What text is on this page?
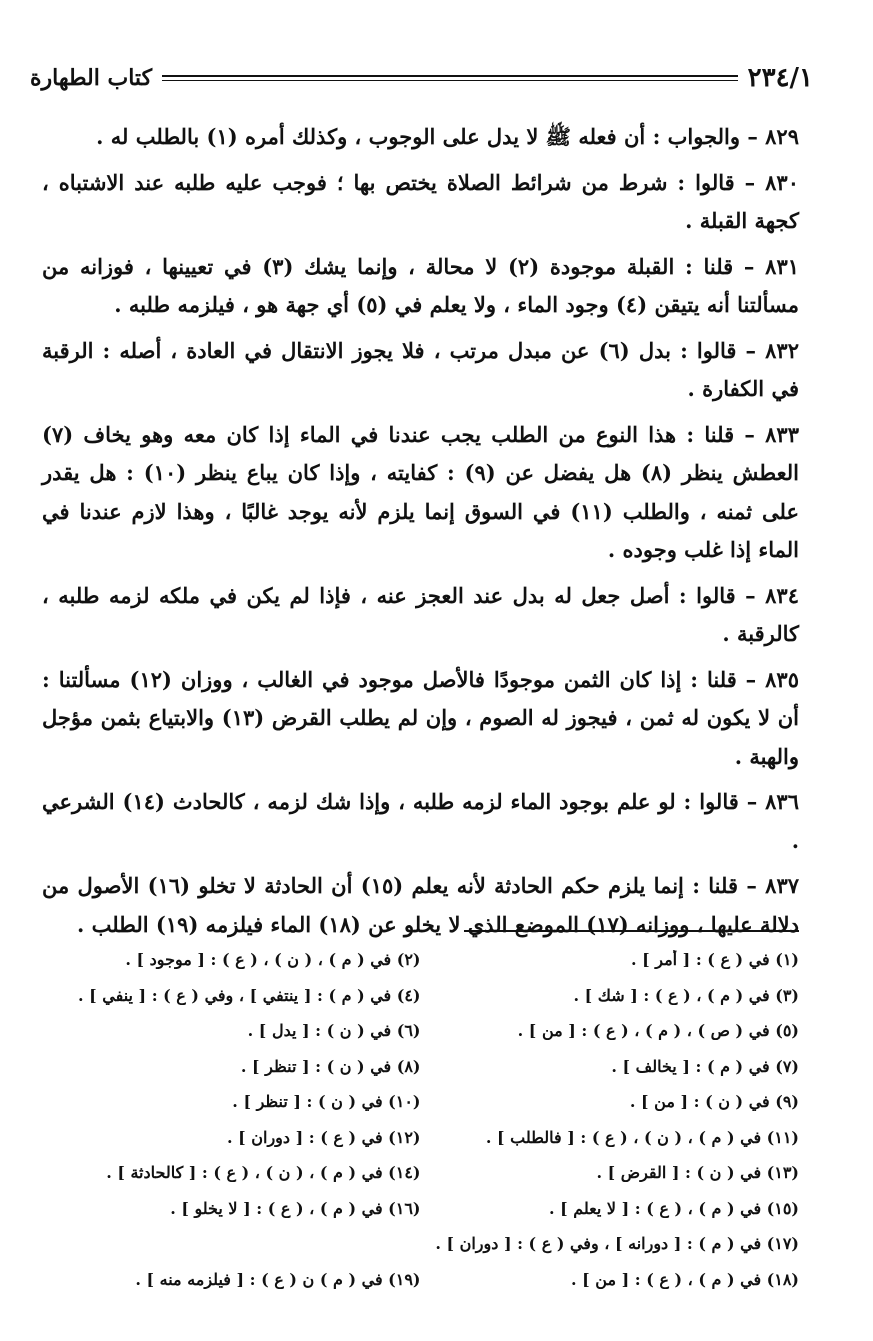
٢٣٤/١
كتاب الطهارة

٨٢٩ – والجواب : أن فعله ﷺ لا يدل على الوجوب ، وكذلك أمره (١) بالطلب له .

٨٣٠ – قالوا : شرط من شرائط الصلاة يختص بها ؛ فوجب عليه طلبه عند الاشتباه ، كجهة القبلة .

٨٣١ – قلنا : القبلة موجودة (٢) لا محالة ، وإنما يشك (٣) في تعيينها ، فوزانه من مسألتنا أنه يتيقن (٤) وجود الماء ، ولا يعلم في (٥) أي جهة هو ، فيلزمه طلبه .

٨٣٢ – قالوا : بدل (٦) عن مبدل مرتب ، فلا يجوز الانتقال في العادة ، أصله : الرقبة في الكفارة .

٨٣٣ – قلنا : هذا النوع من الطلب يجب عندنا في الماء إذا كان معه وهو يخاف (٧) العطش ينظر (٨) هل يفضل عن (٩) : كفايته ، وإذا كان يباع ينظر (١٠) : هل يقدر على ثمنه ، والطلب (١١) في السوق إنما يلزم لأنه يوجد غالبًا ، وهذا لازم عندنا في الماء إذا غلب وجوده .

٨٣٤ – قالوا : أصل جعل له بدل عند العجز عنه ، فإذا لم يكن في ملكه لزمه طلبه ، كالرقبة .

٨٣٥ – قلنا : إذا كان الثمن موجودًا فالأصل موجود في الغالب ، ووزان (١٢) مسألتنا : أن لا يكون له ثمن ، فيجوز له الصوم ، وإن لم يطلب القرض (١٣) والابتياع بثمن مؤجل والهبة .

٨٣٦ – قالوا : لو علم بوجود الماء لزمه طلبه ، وإذا شك لزمه ، كالحادث (١٤) الشرعي .

٨٣٧ – قلنا : إنما يلزم حكم الحادثة لأنه يعلم (١٥) أن الحادثة لا تخلو (١٦) الأصول من دلالة عليها ، ووزانه (١٧) الموضع الذي لا يخلو عن (١٨) الماء فيلزمه (١٩) الطلب .

(١) في ( ع ) : [ أمر ] .
(٢) في ( م ) ، ( ن ) ، ( ع ) : [ موجود ] .
(٣) في ( م ) ، ( ع ) : [ شك ] .
(٤) في ( م ) : [ ينتفي ] ، وفي ( ع ) : [ ينفي ] .
(٥) في ( ص ) ، ( م ) ، ( ع ) : [ من ] .
(٦) في ( ن ) : [ يدل ] .
(٧) في ( م ) : [ يخالف ] .
(٨) في ( ن ) : [ تنظر ] .
(٩) في ( ن ) : [ من ] .
(١٠) في ( ن ) : [ تنظر ] .
(١١) في ( م ) ، ( ن ) ، ( ع ) : [ فالطلب ] .
(١٢) في ( ع ) : [ دوران ] .
(١٣) في ( ن ) : [ القرض ] .
(١٤) في ( م ) ، ( ن ) ، ( ع ) : [ كالحادثة ] .
(١٥) في ( م ) ، ( ع ) : [ لا يعلم ] .
(١٦) في ( م ) ، ( ع ) : [ لا يخلو ] .
(١٧) في ( م ) : [ دورانه ] ، وفي ( ع ) : [ دوران ] .
(١٨) في ( م ) ، ( ع ) : [ من ] .
(١٩) في ( م ) ن ( ع ) : [ فيلزمه منه ] .
